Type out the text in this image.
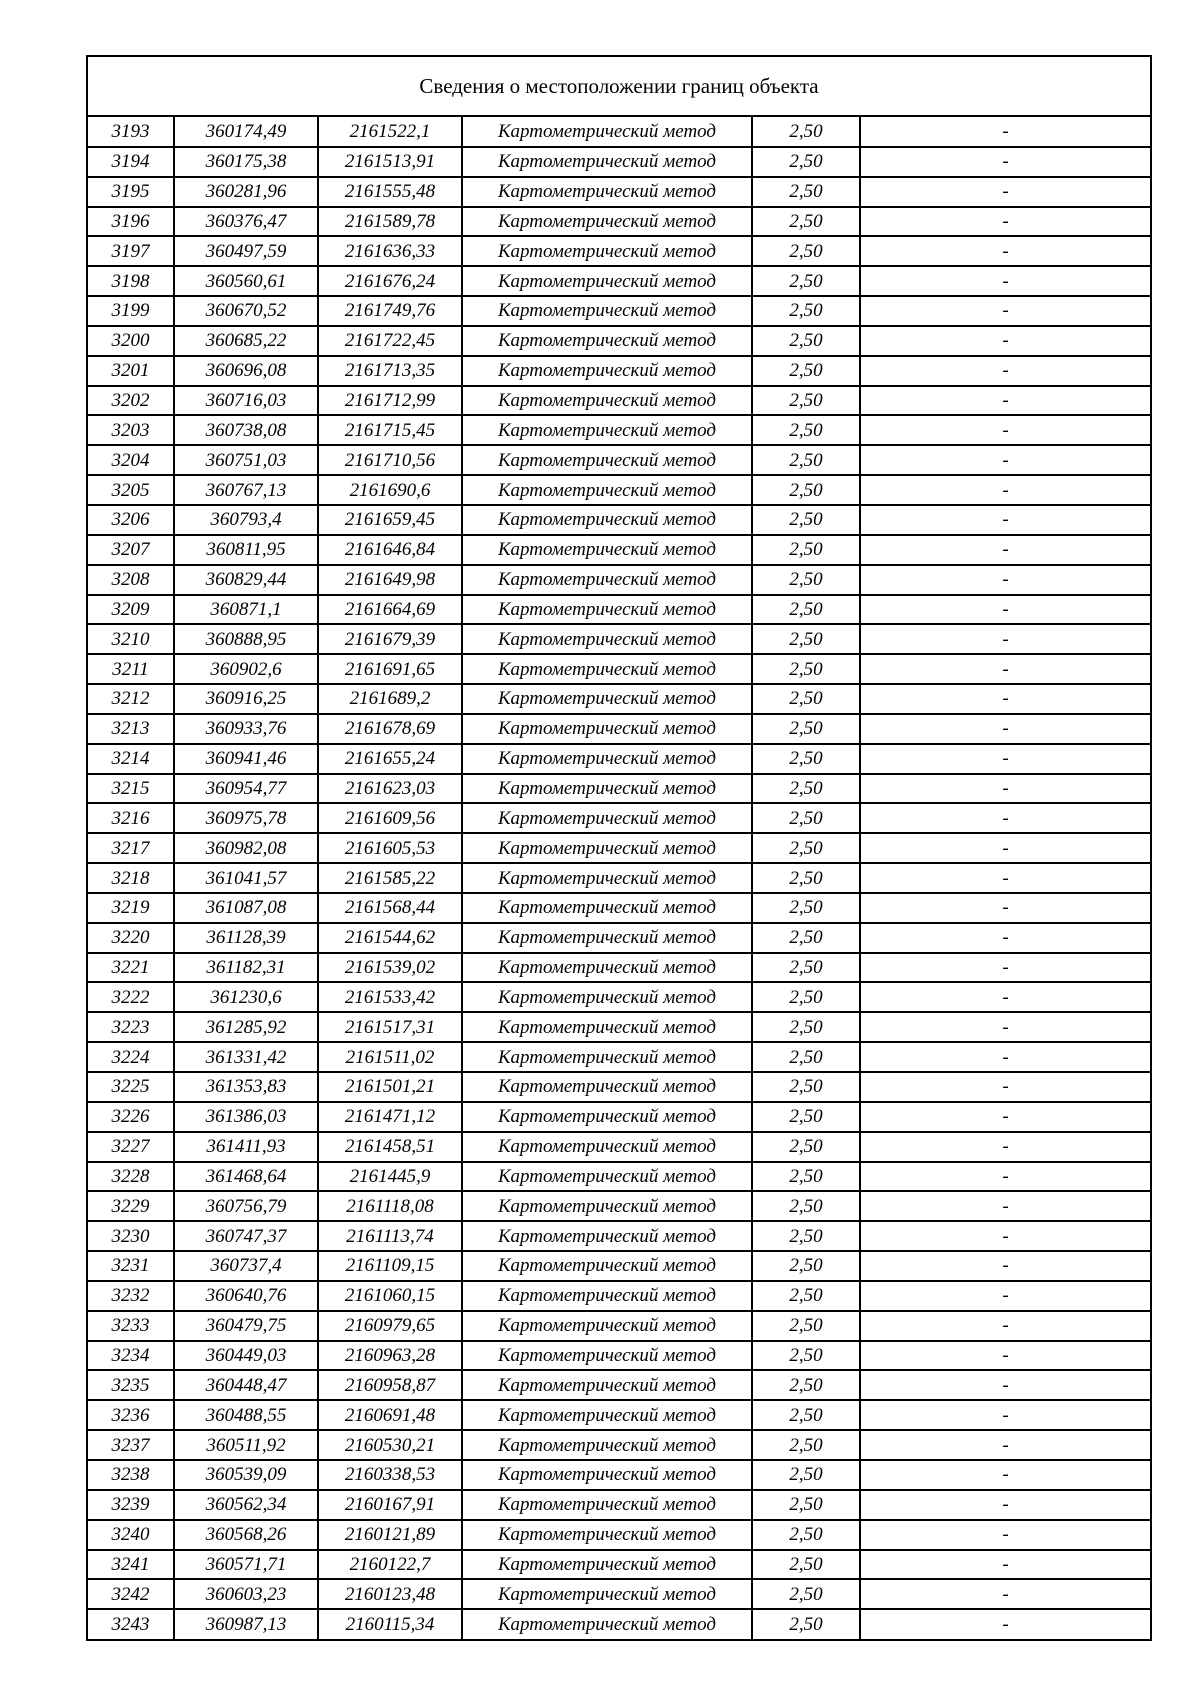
Сведения о местоположении границ объекта
3193	360174,49	2161522,1	Картометрический метод	2,50	-
3194	360175,38	2161513,91	Картометрический метод	2,50	-
3195	360281,96	2161555,48	Картометрический метод	2,50	-
3196	360376,47	2161589,78	Картометрический метод	2,50	-
3197	360497,59	2161636,33	Картометрический метод	2,50	-
3198	360560,61	2161676,24	Картометрический метод	2,50	-
3199	360670,52	2161749,76	Картометрический метод	2,50	-
3200	360685,22	2161722,45	Картометрический метод	2,50	-
3201	360696,08	2161713,35	Картометрический метод	2,50	-
3202	360716,03	2161712,99	Картометрический метод	2,50	-
3203	360738,08	2161715,45	Картометрический метод	2,50	-
3204	360751,03	2161710,56	Картометрический метод	2,50	-
3205	360767,13	2161690,6	Картометрический метод	2,50	-
3206	360793,4	2161659,45	Картометрический метод	2,50	-
3207	360811,95	2161646,84	Картометрический метод	2,50	-
3208	360829,44	2161649,98	Картометрический метод	2,50	-
3209	360871,1	2161664,69	Картометрический метод	2,50	-
3210	360888,95	2161679,39	Картометрический метод	2,50	-
3211	360902,6	2161691,65	Картометрический метод	2,50	-
3212	360916,25	2161689,2	Картометрический метод	2,50	-
3213	360933,76	2161678,69	Картометрический метод	2,50	-
3214	360941,46	2161655,24	Картометрический метод	2,50	-
3215	360954,77	2161623,03	Картометрический метод	2,50	-
3216	360975,78	2161609,56	Картометрический метод	2,50	-
3217	360982,08	2161605,53	Картометрический метод	2,50	-
3218	361041,57	2161585,22	Картометрический метод	2,50	-
3219	361087,08	2161568,44	Картометрический метод	2,50	-
3220	361128,39	2161544,62	Картометрический метод	2,50	-
3221	361182,31	2161539,02	Картометрический метод	2,50	-
3222	361230,6	2161533,42	Картометрический метод	2,50	-
3223	361285,92	2161517,31	Картометрический метод	2,50	-
3224	361331,42	2161511,02	Картометрический метод	2,50	-
3225	361353,83	2161501,21	Картометрический метод	2,50	-
3226	361386,03	2161471,12	Картометрический метод	2,50	-
3227	361411,93	2161458,51	Картометрический метод	2,50	-
3228	361468,64	2161445,9	Картометрический метод	2,50	-
3229	360756,79	2161118,08	Картометрический метод	2,50	-
3230	360747,37	2161113,74	Картометрический метод	2,50	-
3231	360737,4	2161109,15	Картометрический метод	2,50	-
3232	360640,76	2161060,15	Картометрический метод	2,50	-
3233	360479,75	2160979,65	Картометрический метод	2,50	-
3234	360449,03	2160963,28	Картометрический метод	2,50	-
3235	360448,47	2160958,87	Картометрический метод	2,50	-
3236	360488,55	2160691,48	Картометрический метод	2,50	-
3237	360511,92	2160530,21	Картометрический метод	2,50	-
3238	360539,09	2160338,53	Картометрический метод	2,50	-
3239	360562,34	2160167,91	Картометрический метод	2,50	-
3240	360568,26	2160121,89	Картометрический метод	2,50	-
3241	360571,71	2160122,7	Картометрический метод	2,50	-
3242	360603,23	2160123,48	Картометрический метод	2,50	-
3243	360987,13	2160115,34	Картометрический метод	2,50	-
